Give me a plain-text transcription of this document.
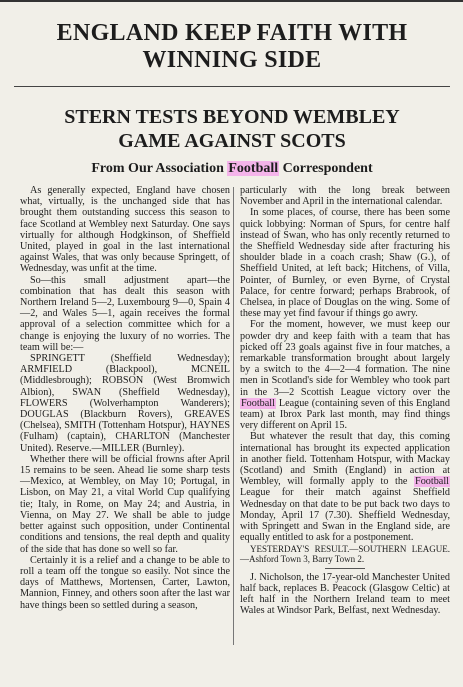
ENGLAND KEEP FAITH WITH
WINNING SIDE
STERN TESTS BEYOND WEMBLEY
GAME AGAINST SCOTS
From Our Association Football Correspondent

As generally expected, England have chosen what, virtually, is the unchanged side that has brought them outstanding success this season to face Scotland at Wembley next Saturday. One says virtually for although Hodgkinson, of Sheffield United, played in goal in the last international against Wales, that was only because Springett, of Wednesday, was unfit at the time.

So—this small adjustment apart—the combination that has dealt this season with Northern Ireland 5—2, Luxembourg 9—0, Spain 4—2, and Wales 5—1, again receives the formal approval of a selection committee which for a change is enjoying the luxury of no worries. The team will be:—

SPRINGETT (Sheffield Wednesday); ARMFIELD (Blackpool), MCNEIL (Middlesbrough); ROBSON (West Bromwich Albion), SWAN (Sheffield Wednesday), FLOWERS (Wolverhampton Wanderers); DOUGLAS (Blackburn Rovers), GREAVES (Chelsea), SMITH (Tottenham Hotspur), HAYNES (Fulham) (captain), CHARLTON (Manchester United). Reserve.—MILLER (Burnley).

Whether there will be official frowns after April 15 remains to be seen. Ahead lie some sharp tests—Mexico, at Wembley, on May 10; Portugal, in Lisbon, on May 21, a vital World Cup qualifying tie; Italy, in Rome, on May 24; and Austria, in Vienna, on May 27. We shall be able to judge better against such opposition, under Continental conditions and tensions, the real depth and quality of the side that has done so well so far.

Certainly it is a relief and a change to be able to roll a team off the tongue so easily. Not since the days of Matthews, Mortensen, Carter, Lawton, Mannion, Finney, and others soon after the last war have things been so settled during a season,

particularly with the long break between November and April in the international calendar.

In some places, of course, there has been some quick lobbying: Norman of Spurs, for centre half instead of Swan, who has only recently returned to the Sheffield Wednesday side after fracturing his shoulder blade in a coach crash; Shaw (G.), of Sheffield United, at left back; Hitchens, of Villa, Pointer, of Burnley, or even Byrne, of Crystal Palace, for centre forward; perhaps Brabrook, of Chelsea, in place of Douglas on the wing. Some of these may yet find favour if things go awry.

For the moment, however, we must keep our powder dry and keep faith with a team that has picked off 23 goals against five in four matches, a remarkable transformation brought about largely by a switch to the 4—2—4 formation. The nine men in Scotland's side for Wembley who took part in the 3—2 Scottish League victory over the Football League (containing seven of this England team) at Ibrox Park last month, may find things very different on April 15.

But whatever the result that day, this coming international has brought its expected application in another field. Tottenham Hotspur, with Mackay (Scotland) and Smith (England) in action at Wembley, will formally apply to the Football League for their match against Sheffield Wednesday on that date to be put back two days to Monday, April 17 (7.30). Sheffield Wednesday, with Springett and Swan in the England side, are equally entitled to ask for a postponement.

YESTERDAY'S RESULT.—SOUTHERN LEAGUE.—Ashford Town 3, Barry Town 2.

J. Nicholson, the 17-year-old Manchester United half back, replaces B. Peacock (Glasgow Celtic) at left half in the Northern Ireland team to meet Wales at Windsor Park, Belfast, next Wednesday.
